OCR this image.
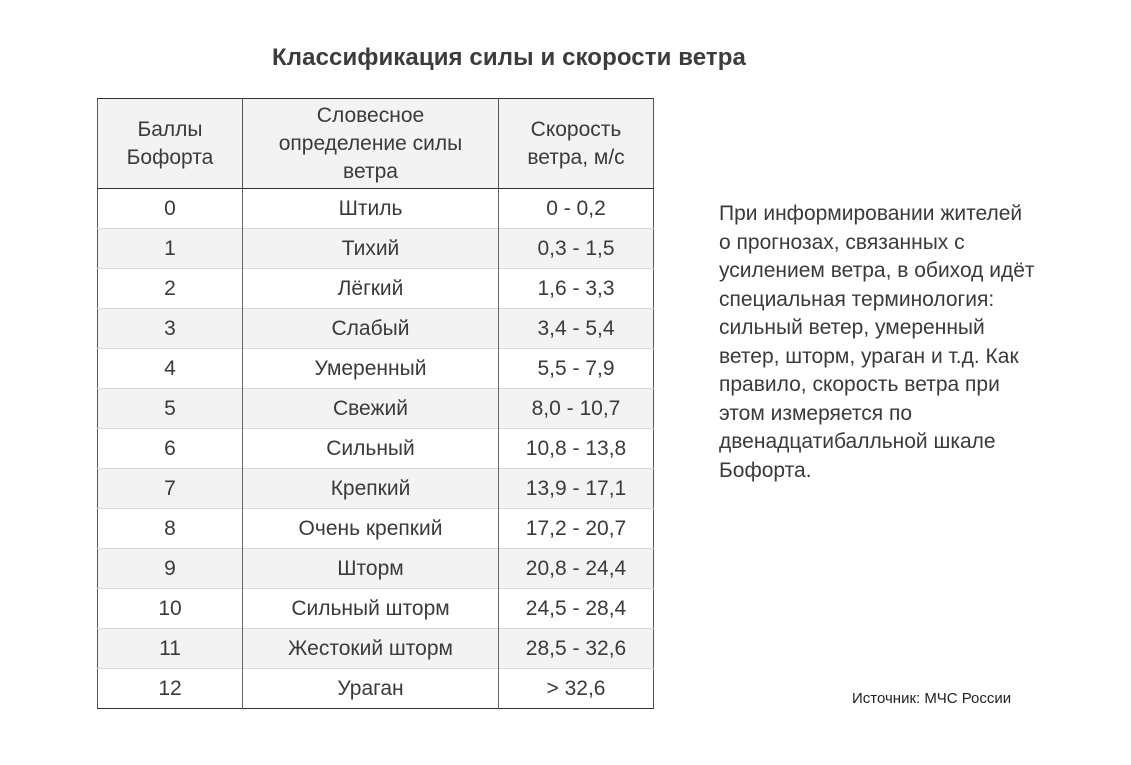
Классификация силы и скорости ветра
Баллы Бофорта	Словесное определение силы ветра	Скорость ветра, м/с
0	Штиль	0 - 0,2
1	Тихий	0,3 - 1,5
2	Лёгкий	1,6 - 3,3
3	Слабый	3,4 - 5,4
4	Умеренный	5,5 - 7,9
5	Свежий	8,0 - 10,7
6	Сильный	10,8 - 13,8
7	Крепкий	13,9 - 17,1
8	Очень крепкий	17,2 - 20,7
9	Шторм	20,8 - 24,4
10	Сильный шторм	24,5 - 28,4
11	Жестокий шторм	28,5 - 32,6
12	Ураган	> 32,6
При информировании жителей о прогнозах, связанных с усилением ветра, в обиход идёт специальная терминология: сильный ветер, умеренный ветер, шторм, ураган и т.д. Как правило, скорость ветра при этом измеряется по двенадцатибалльной шкале Бофорта.
Источник: МЧС России
